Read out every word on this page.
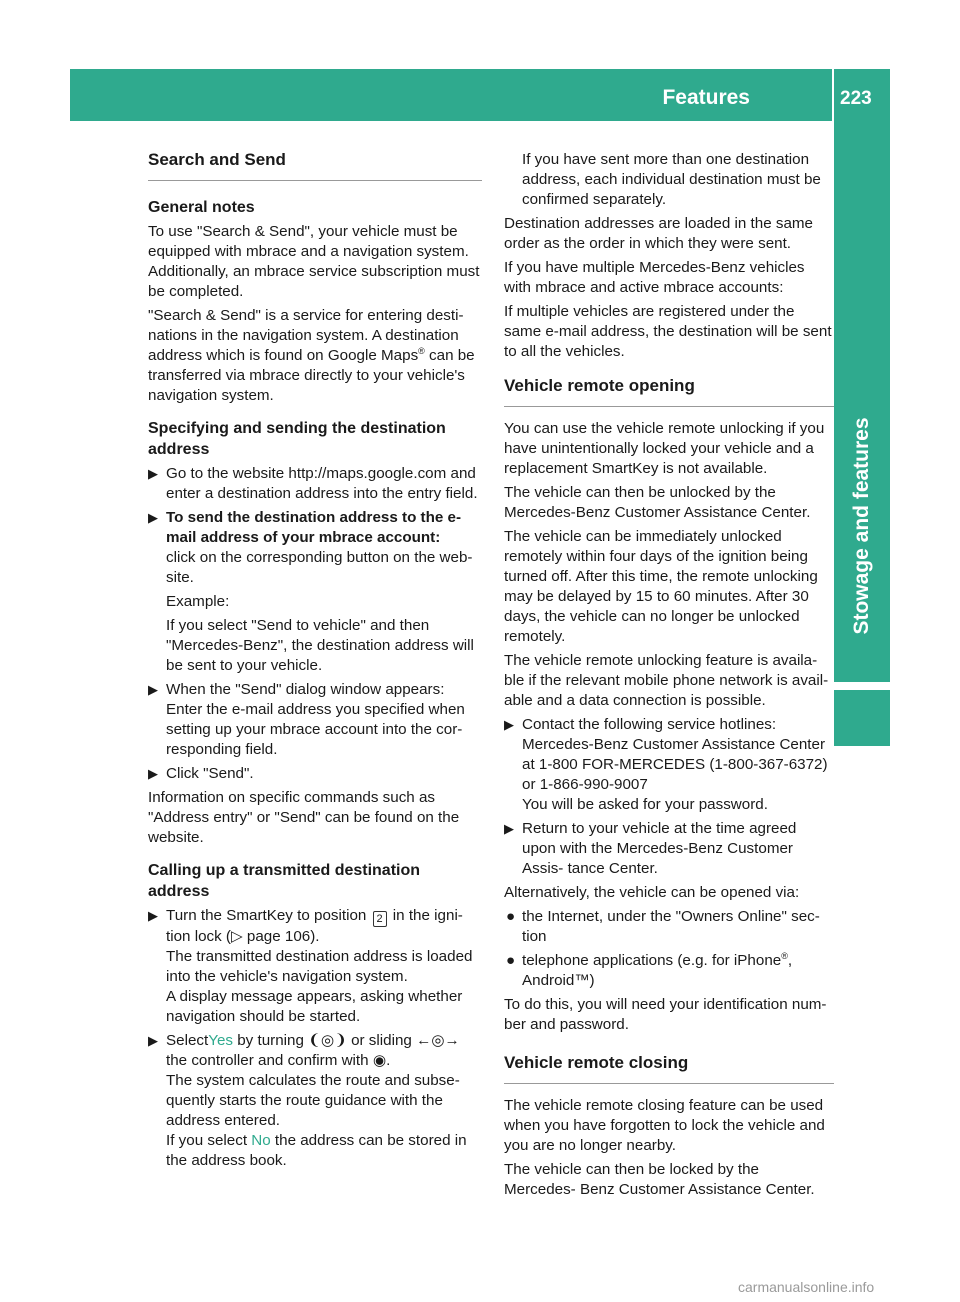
Features	223
Stowage and features
Search and Send
General notes

To use "Search & Send", your vehicle must be equipped with mbrace and a navigation system. Additionally, an mbrace service subscription must be completed.

"Search & Send" is a service for entering desti- nations in the navigation system. A destination address which is found on Google Maps® can be transferred via mbrace directly to your vehicle's navigation system.

Specifying and sending the destination address
▶ Go to the website http://maps.google.com and enter a destination address into the entry field.
▶ To send the destination address to the e- mail address of your mbrace account:

click on the corresponding button on the web- site.

Example:

If you select "Send to vehicle" and then "Mercedes-Benz", the destination address will be sent to your vehicle.

▶ When the "Send" dialog window appears:

Enter the e-mail address you specified when setting up your mbrace account into the cor- responding field.

▶ Click "Send".

Information on specific commands such as "Address entry" or "Send" can be found on the website.

Calling up a transmitted destination address
▶ Turn the SmartKey to position 2 in the igni- tion lock (▷ page 106).
The transmitted destination address is loaded into the vehicle's navigation system.

A display message appears, asking whether navigation should be started.

▶ SelectYes by turning ❨◎❩ or sliding ←◎→ the controller and confirm with ◉.
The system calculates the route and subse- quently starts the route guidance with the address entered.

If you select No the address can be stored in the address book.

If you have sent more than one destination address, each individual destination must be confirmed separately.

Destination addresses are loaded in the same order as the order in which they were sent.

If you have multiple Mercedes-Benz vehicles with mbrace and active mbrace accounts:

If multiple vehicles are registered under the same e-mail address, the destination will be sent to all the vehicles.

Vehicle remote opening

You can use the vehicle remote unlocking if you have unintentionally locked your vehicle and a replacement SmartKey is not available.

The vehicle can then be unlocked by the Mercedes-Benz Customer Assistance Center.

The vehicle can be immediately unlocked remotely within four days of the ignition being turned off. After this time, the remote unlocking may be delayed by 15 to 60 minutes. After 30 days, the vehicle can no longer be unlocked remotely.

The vehicle remote unlocking feature is availa- ble if the relevant mobile phone network is avail- able and a data connection is possible.

▶ Contact the following service hotlines:

Mercedes-Benz Customer Assistance Center at 1-800 FOR-MERCEDES (1-800-367-6372) or 1-866-990-9007

You will be asked for your password.

▶ Return to your vehicle at the time agreed upon with the Mercedes-Benz Customer Assis- tance Center.

Alternatively, the vehicle can be opened via:

● the Internet, under the "Owners Online" sec- tion
● telephone applications (e.g. for iPhone®, Android™)

To do this, you will need your identification num- ber and password.

Vehicle remote closing

The vehicle remote closing feature can be used when you have forgotten to lock the vehicle and you are no longer nearby.

The vehicle can then be locked by the Mercedes- Benz Customer Assistance Center.

carmanualsonline.info
